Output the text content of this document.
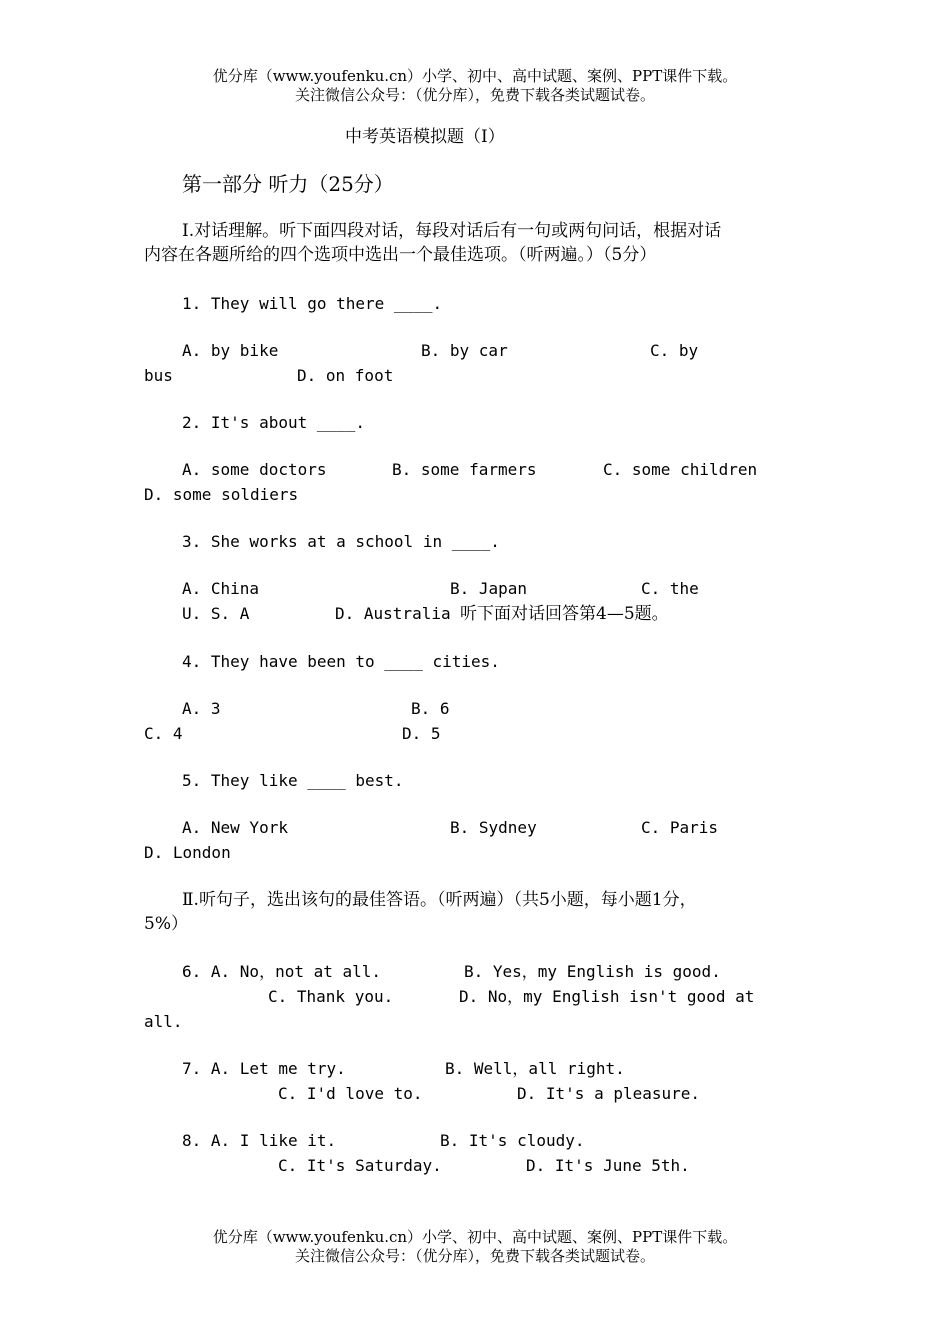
优分库（www.youfenku.cn）小学、初中、高中试题、案例、PPT课件下载。
关注微信公众号：（优分库），免费下载各类试题试卷。
中考英语模拟题（Ⅰ）
第一部分 听力（25分）
Ⅰ.对话理解。听下面四段对话，每段对话后有一句或两句问话，根据对话
内容在各题所给的四个选项中选出一个最佳选项。（听两遍。）（5分）
1. They will go there ____.
A. by bike	B. by car	C. by
bus	D. on foot
2. It's about ____.
A. some doctors	B. some farmers	C. some children
D. some soldiers
3. She works at a school in ____.
A. China	B. Japan	C. the
U. S. A	D. Australia 听下面对话回答第4—5题。
4. They have been to ____ cities.
A. 3	B. 6
C. 4	D. 5
5. They like ____ best.
A. New York	B. Sydney	C. Paris
D. London
Ⅱ.听句子，选出该句的最佳答语。（听两遍）（共5小题，每小题1分，
5%）
6. A. No，not at all.	B. Yes，my English is good.
C. Thank you.	D. No，my English isn't good at
all.
7. A. Let me try.	B. Well，all right.
C. I'd love to.	D. It's a pleasure.
8. A. I like it.	B. It's cloudy.
C. It's Saturday.	D. It's June 5th.
优分库（www.youfenku.cn）小学、初中、高中试题、案例、PPT课件下载。
关注微信公众号：（优分库），免费下载各类试题试卷。
